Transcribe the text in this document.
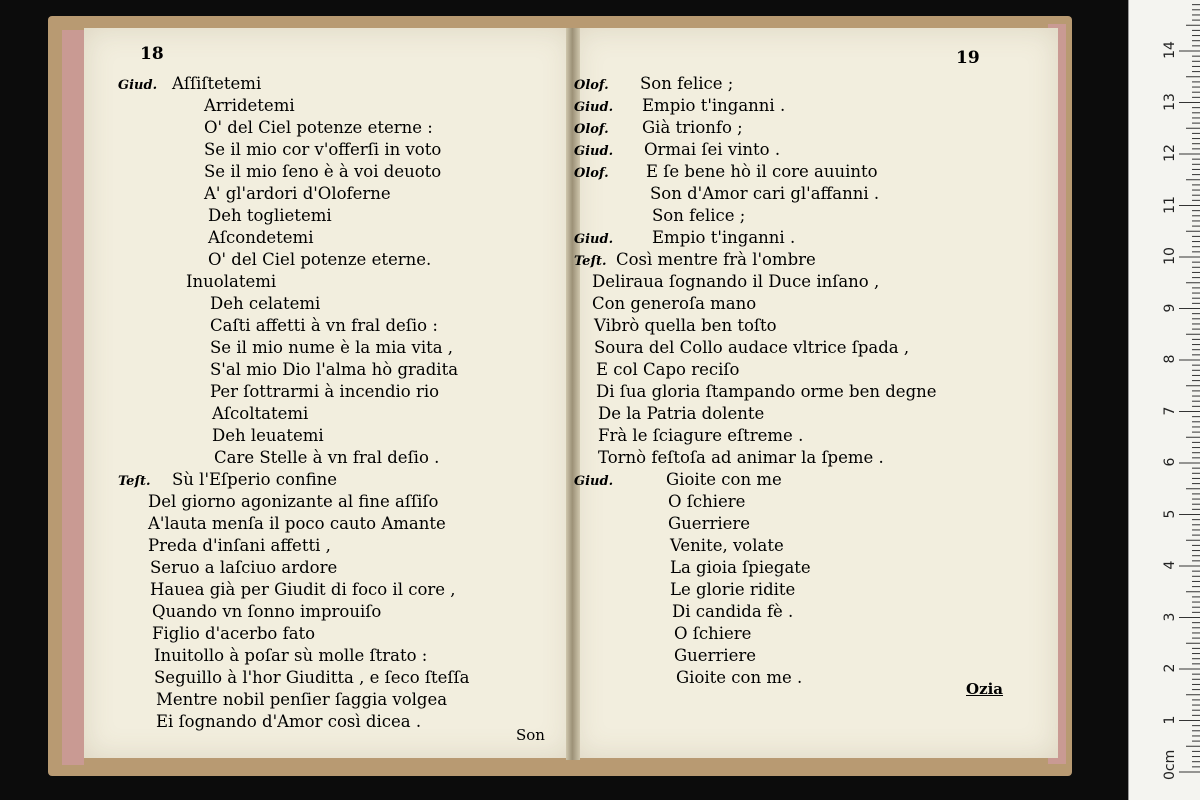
18	19
Giud. Aſſiſtetemi
Arridetemi
O' del Ciel potenze eterne :
Se il mio cor v'offerſi in voto
Se il mio ſeno è à voi deuoto
A' gl'ardori d'Oloferne
Deh toglietemi
Aſcondetemi
O' del Ciel potenze eterne.
Inuolatemi
Deh celatemi
Caſti affetti à vn fral deſio :
Se il mio nume è la mia vita ,
S'al mio Dio l'alma hò gradita
Per ſottrarmi à incendio rio
Aſcoltatemi
Deh leuatemi
Care Stelle à vn fral deſio .
Teſt. Sù l'Eſperio confine
Del giorno agonizante al fine aſſiſo
A'lauta menſa il poco cauto Amante
Preda d'inſani affetti ,
Seruo a laſciuo ardore
Haueа già per Giudit di foco il core ,
Quando vn ſonno improuiſo
Figlio d'acerbo fato
Inuitollo à poſar sù molle ſtrato :
Seguillo à l'hor Giuditta , e ſeco ſteſſa
Mentre nobil penſier ſaggia volgea
Ei ſognando d'Amor così dicea .
Olof. Son felice ;
Giud. Empio t'inganni .
Olof. Già trionfo ;
Giud. Ormai ſei vinto .
Olof. E ſe bene hò il core auuinto
Son d'Amor cari gl'affanni .
Son felice ;
Giud. Empio t'inganni .
Teſt. Così mentre frà l'ombre
Deliraua ſognando il Duce inſano ,
Con generoſa mano
Vibrò quella ben toſto
Soura del Collo audace vltrice ſpada ,
E col Capo reciſo
Di ſua gloria ſtampando orme ben degne
De la Patria dolente
Frà le ſciagure eſtreme .
Tornò feſtoſa ad animar la ſpeme .
Giud.	Gioite con me
O ſchiere
Guerriere
Venite, volate
La gioia ſpiegate
Le glorie ridite
Di candida fè .
O ſchiere
Guerriere
Gioite con me .
Son
Ozia
0cm
1
2
3
4
5
6
7
8
9
10
11
12
13
14
